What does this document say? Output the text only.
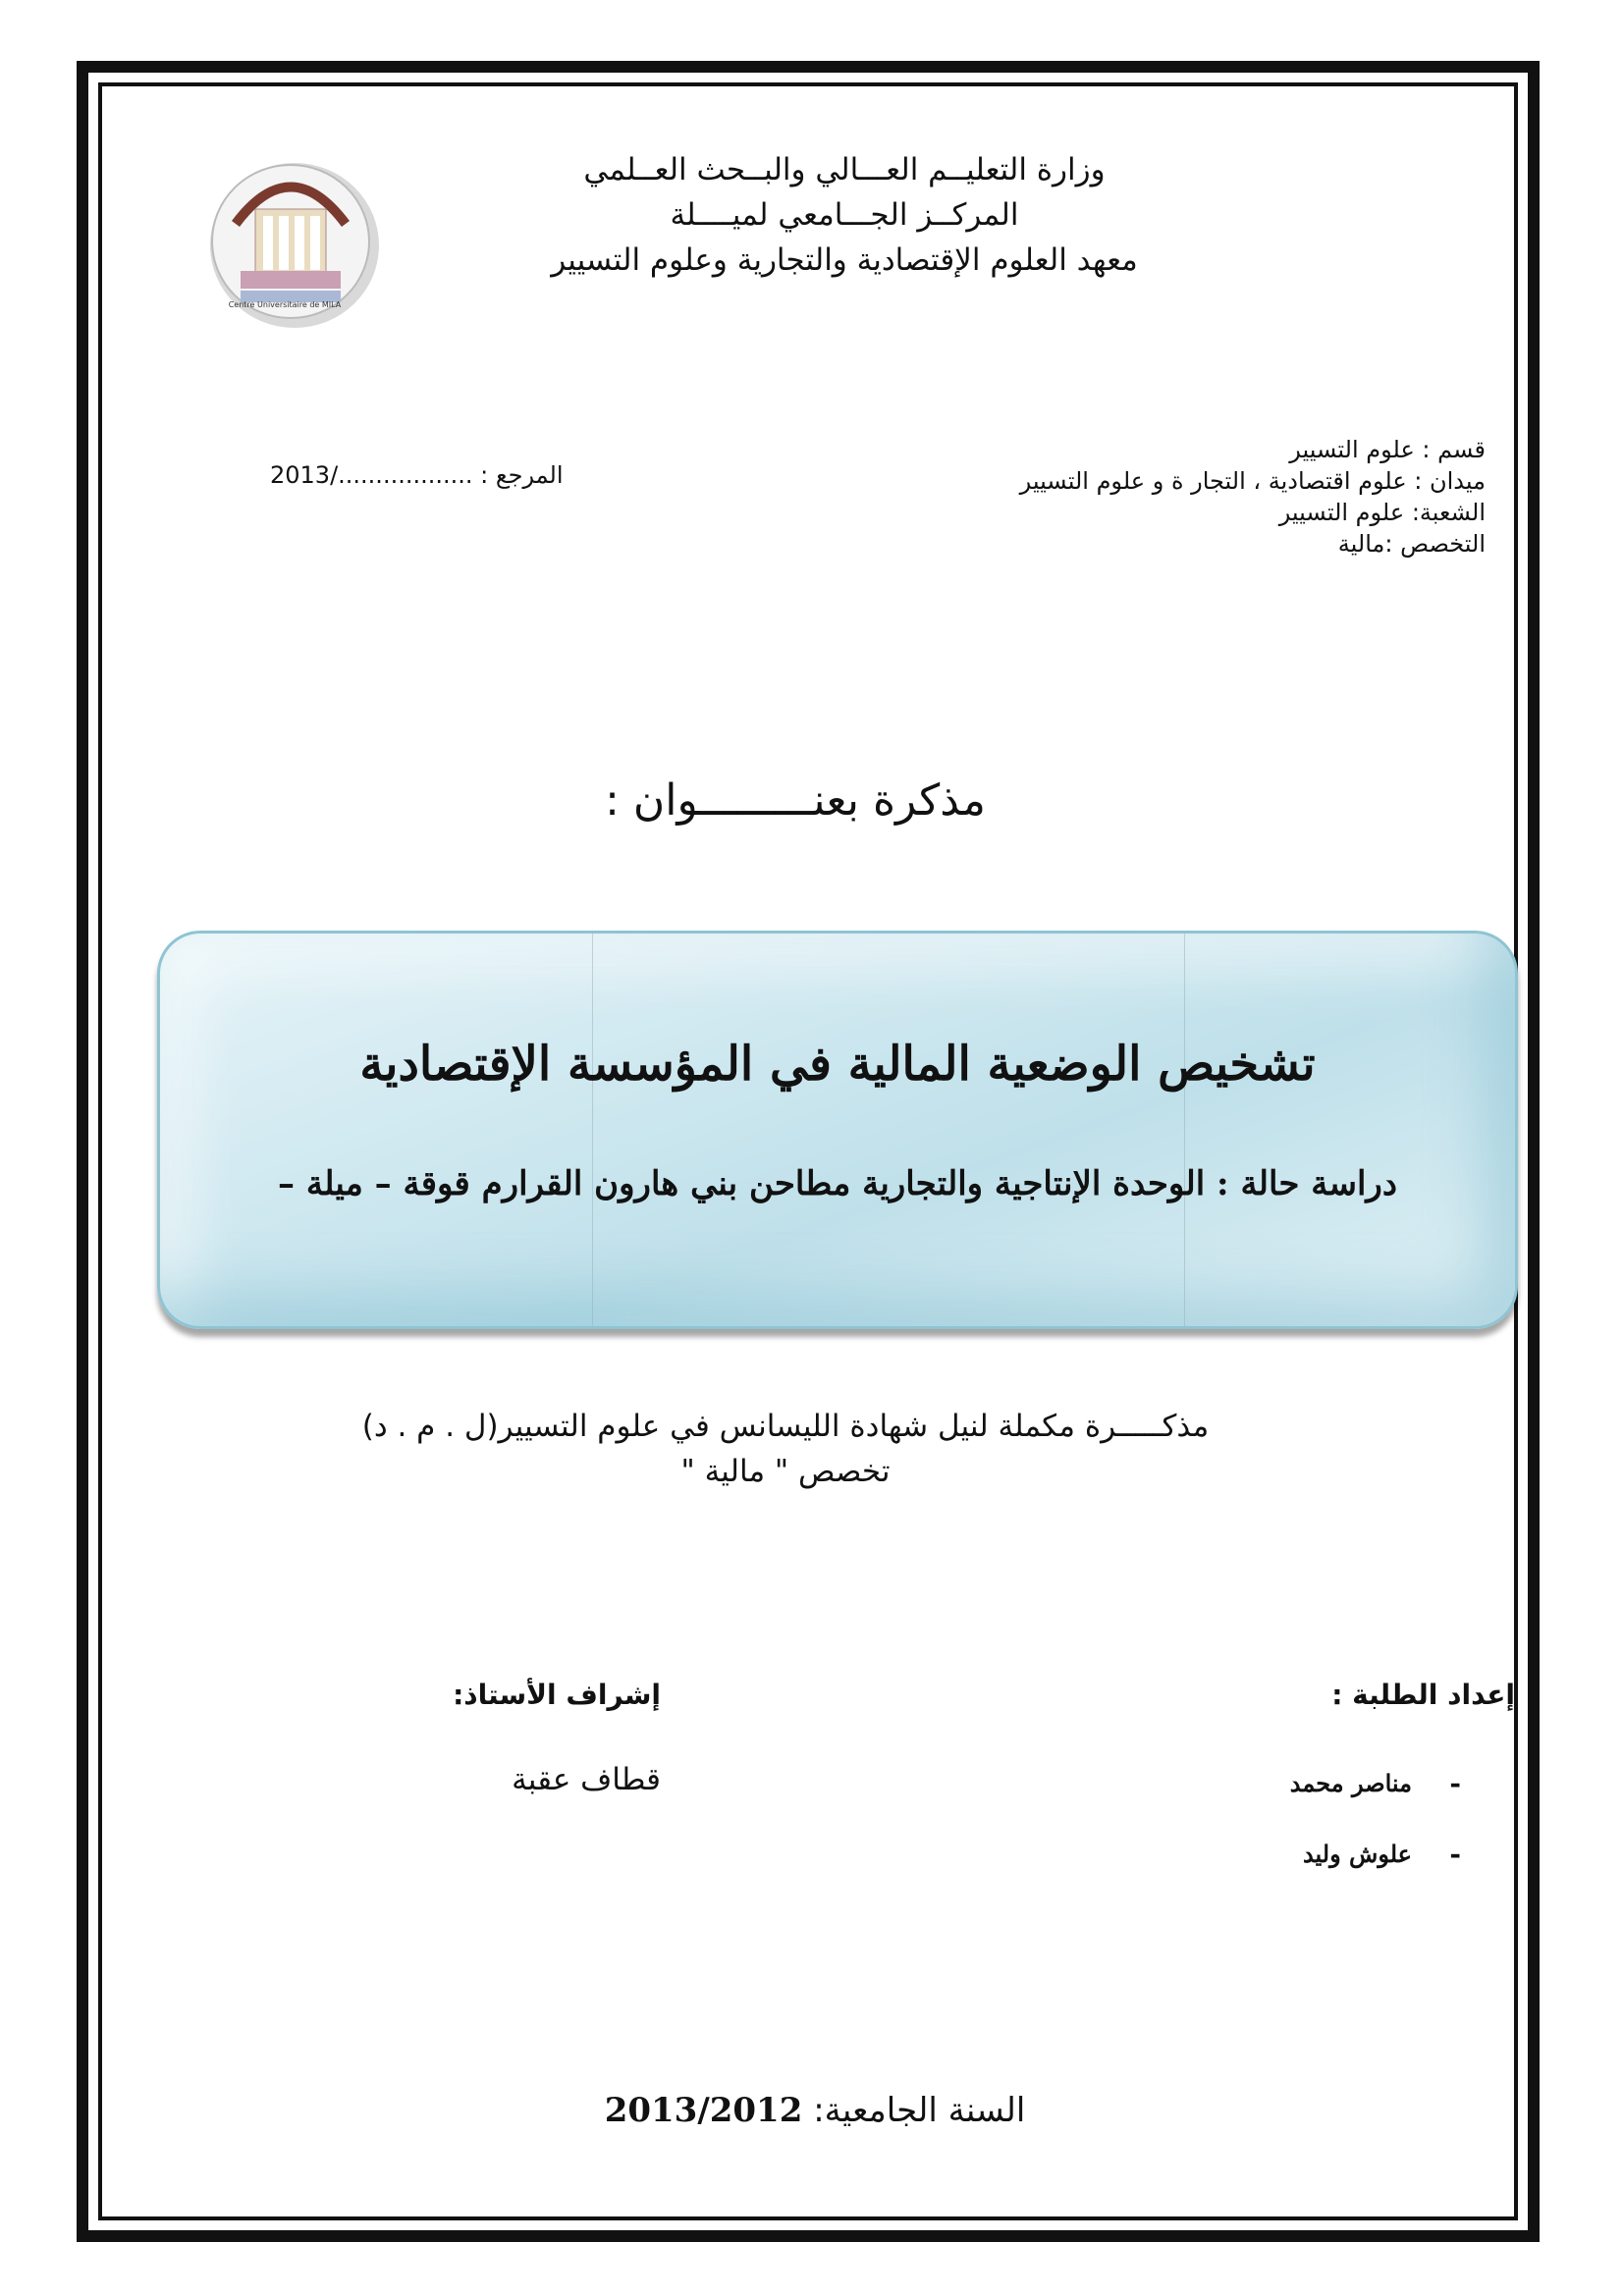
Centre Universitaire de MILA
وزارة التعليــم العـــالي والبــحث العــلمي
المركــز الجـــامعي لميــــلة
معهد العلوم الإقتصادية والتجارية وعلوم التسيير
قسم : علوم التسيير
ميدان : علوم اقتصادية ، التجار ة و علوم التسيير
الشعبة: علوم التسيير
التخصص :مالية
المرجع : ................../2013
مذكرة بعنـــــــــوان :
تشخيص الوضعية المالية في المؤسسة الإقتصادية
دراسة حالة : الوحدة الإنتاجية والتجارية مطاحن بني هارون القرارم قوقة – ميلة –
مذكـــــرة مكملة لنيل شهادة الليسانس في علوم التسيير(ل . م . د)
تخصص " مالية "
إعداد الطلبة :
إشراف الأستاذ:
قطاف عقبة	-
مناصر محمد
-
علوش وليد
السنة الجامعية: 2013/2012
